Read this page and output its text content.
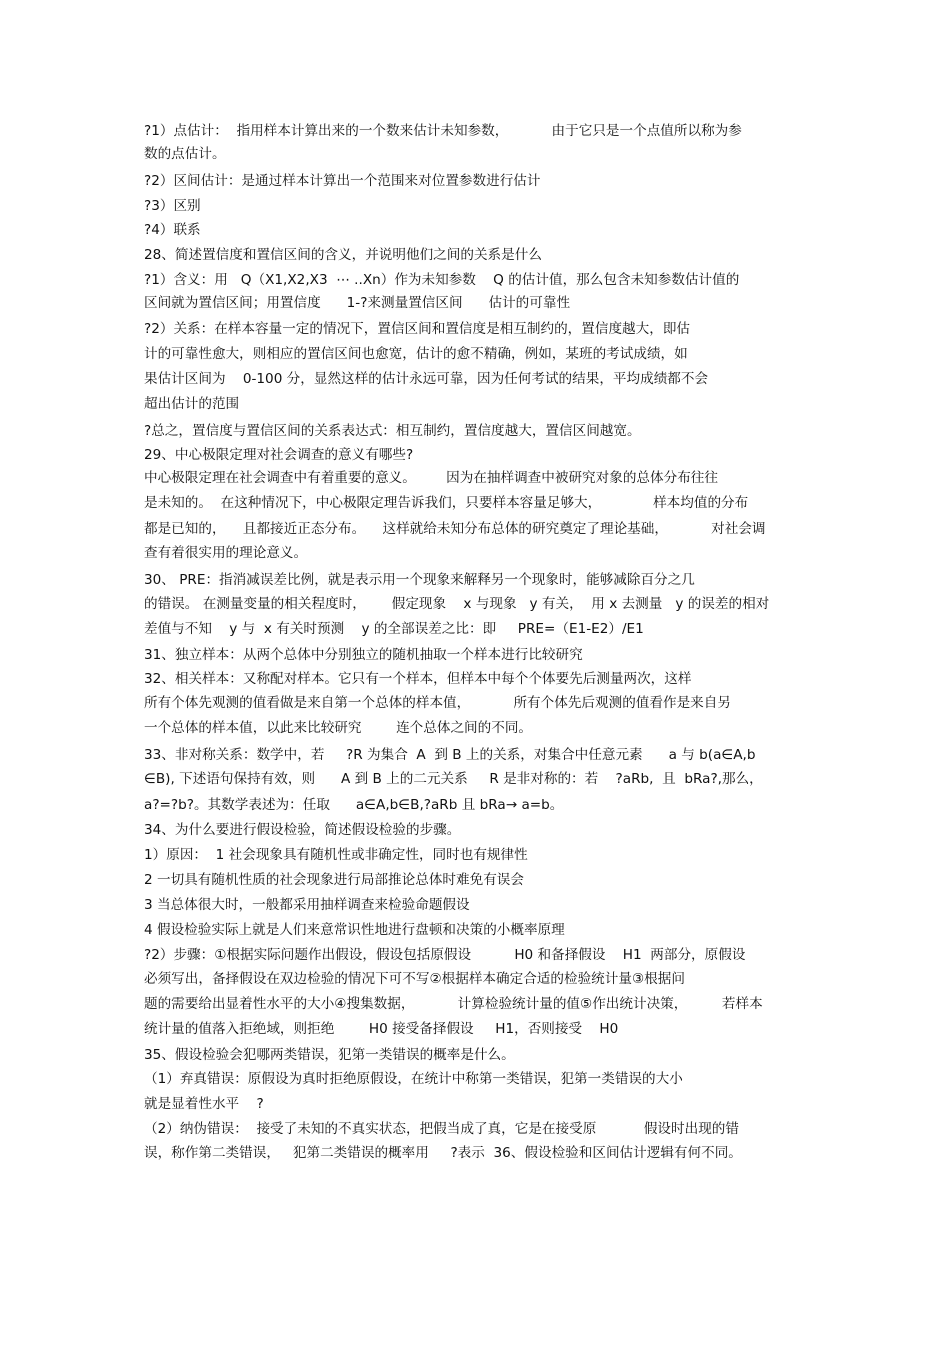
?1）点估计：  指用样本计算出来的一个数来估计未知参数，          由于它只是一个点值所以称为参
数的点估计。
?2）区间估计：是通过样本计算出一个范围来对位置参数进行估计
?3）区别
?4）联系
28、简述置信度和置信区间的含义，并说明他们之间的关系是什么
?1）含义：用   Q（X1,X2,X3  ⋯ ..Xn）作为未知参数    Q 的估计值，那么包含未知参数估计值的
区间就为置信区间；用置信度      1-?来测量置信区间      估计的可靠性
?2）关系：在样本容量一定的情况下，置信区间和置信度是相互制约的，置信度越大，即估
计的可靠性愈大，则相应的置信区间也愈宽，估计的愈不精确，例如，某班的考试成绩，如
果估计区间为    0-100 分，显然这样的估计永远可靠，因为任何考试的结果，平均成绩都不会
超出估计的范围
?总之，置信度与置信区间的关系表达式：相互制约，置信度越大，置信区间越宽。
29、中心极限定理对社会调查的意义有哪些?
中心极限定理在社会调查中有着重要的意义。       因为在抽样调查中被研究对象的总体分布往往
是未知的。  在这种情况下，中心极限定理告诉我们，只要样本容量足够大，            样本均值的分布
都是已知的，    且都接近正态分布。    这样就给未知分布总体的研究奠定了理论基础，          对社会调
查有着很实用的理论意义。
30、 PRE：指消减误差比例，就是表示用一个现象来解释另一个现象时，能够减除百分之几
的错误。 在测量变量的相关程度时，      假定现象    x 与现象   y 有关，  用 x 去测量   y 的误差的相对
差值与不知    y 与  x 有关时预测    y 的全部误差之比：即     PRE=（E1-E2）/E1
31、独立样本：从两个总体中分别独立的随机抽取一个样本进行比较研究
32、相关样本：又称配对样本。它只有一个样本，但样本中每个个体要先后测量两次，这样
所有个体先观测的值看做是来自第一个总体的样本值，          所有个体先后观测的值看作是来自另
一个总体的样本值，以此来比较研究        连个总体之间的不同。
33、非对称关系：数学中，若     ?R 为集合  A  到 B 上的关系，对集合中任意元素      a 与 b(a∈A,b
∈B), 下述语句保持有效，则      A 到 B 上的二元关系     R 是非对称的：若    ?aRb,  且  bRa?,那么，
a?=?b?。其数学表述为：任取      a∈A,b∈B,?aRb 且 bRa→ a=b。
34、为什么要进行假设检验，简述假设检验的步骤。
1）原因：  1 社会现象具有随机性或非确定性，同时也有规律性
2 一切具有随机性质的社会现象进行局部推论总体时难免有误会
3 当总体很大时，一般都采用抽样调查来检验命题假设
4 假设检验实际上就是人们来意常识性地进行盘顿和决策的小概率原理
?2）步骤：①根据实际问题作出假设，假设包括原假设          H0 和备择假设    H1  两部分，原假设
必须写出，备择假设在双边检验的情况下可不写②根据样本确定合适的检验统计量③根据问
题的需要给出显着性水平的大小④搜集数据，          计算检验统计量的值⑤作出统计决策，        若样本
统计量的值落入拒绝域，则拒绝        H0 接受备择假设     H1，否则接受    H0
35、假设检验会犯哪两类错误，犯第一类错误的概率是什么。
（1）弃真错误：原假设为真时拒绝原假设，在统计中称第一类错误，犯第一类错误的大小
就是显着性水平    ?
（2）纳伪错误：  接受了未知的不真实状态，把假当成了真，它是在接受原           假设时出现的错
误，称作第二类错误，   犯第二类错误的概率用     ?表示  36、假设检验和区间估计逻辑有何不同。
